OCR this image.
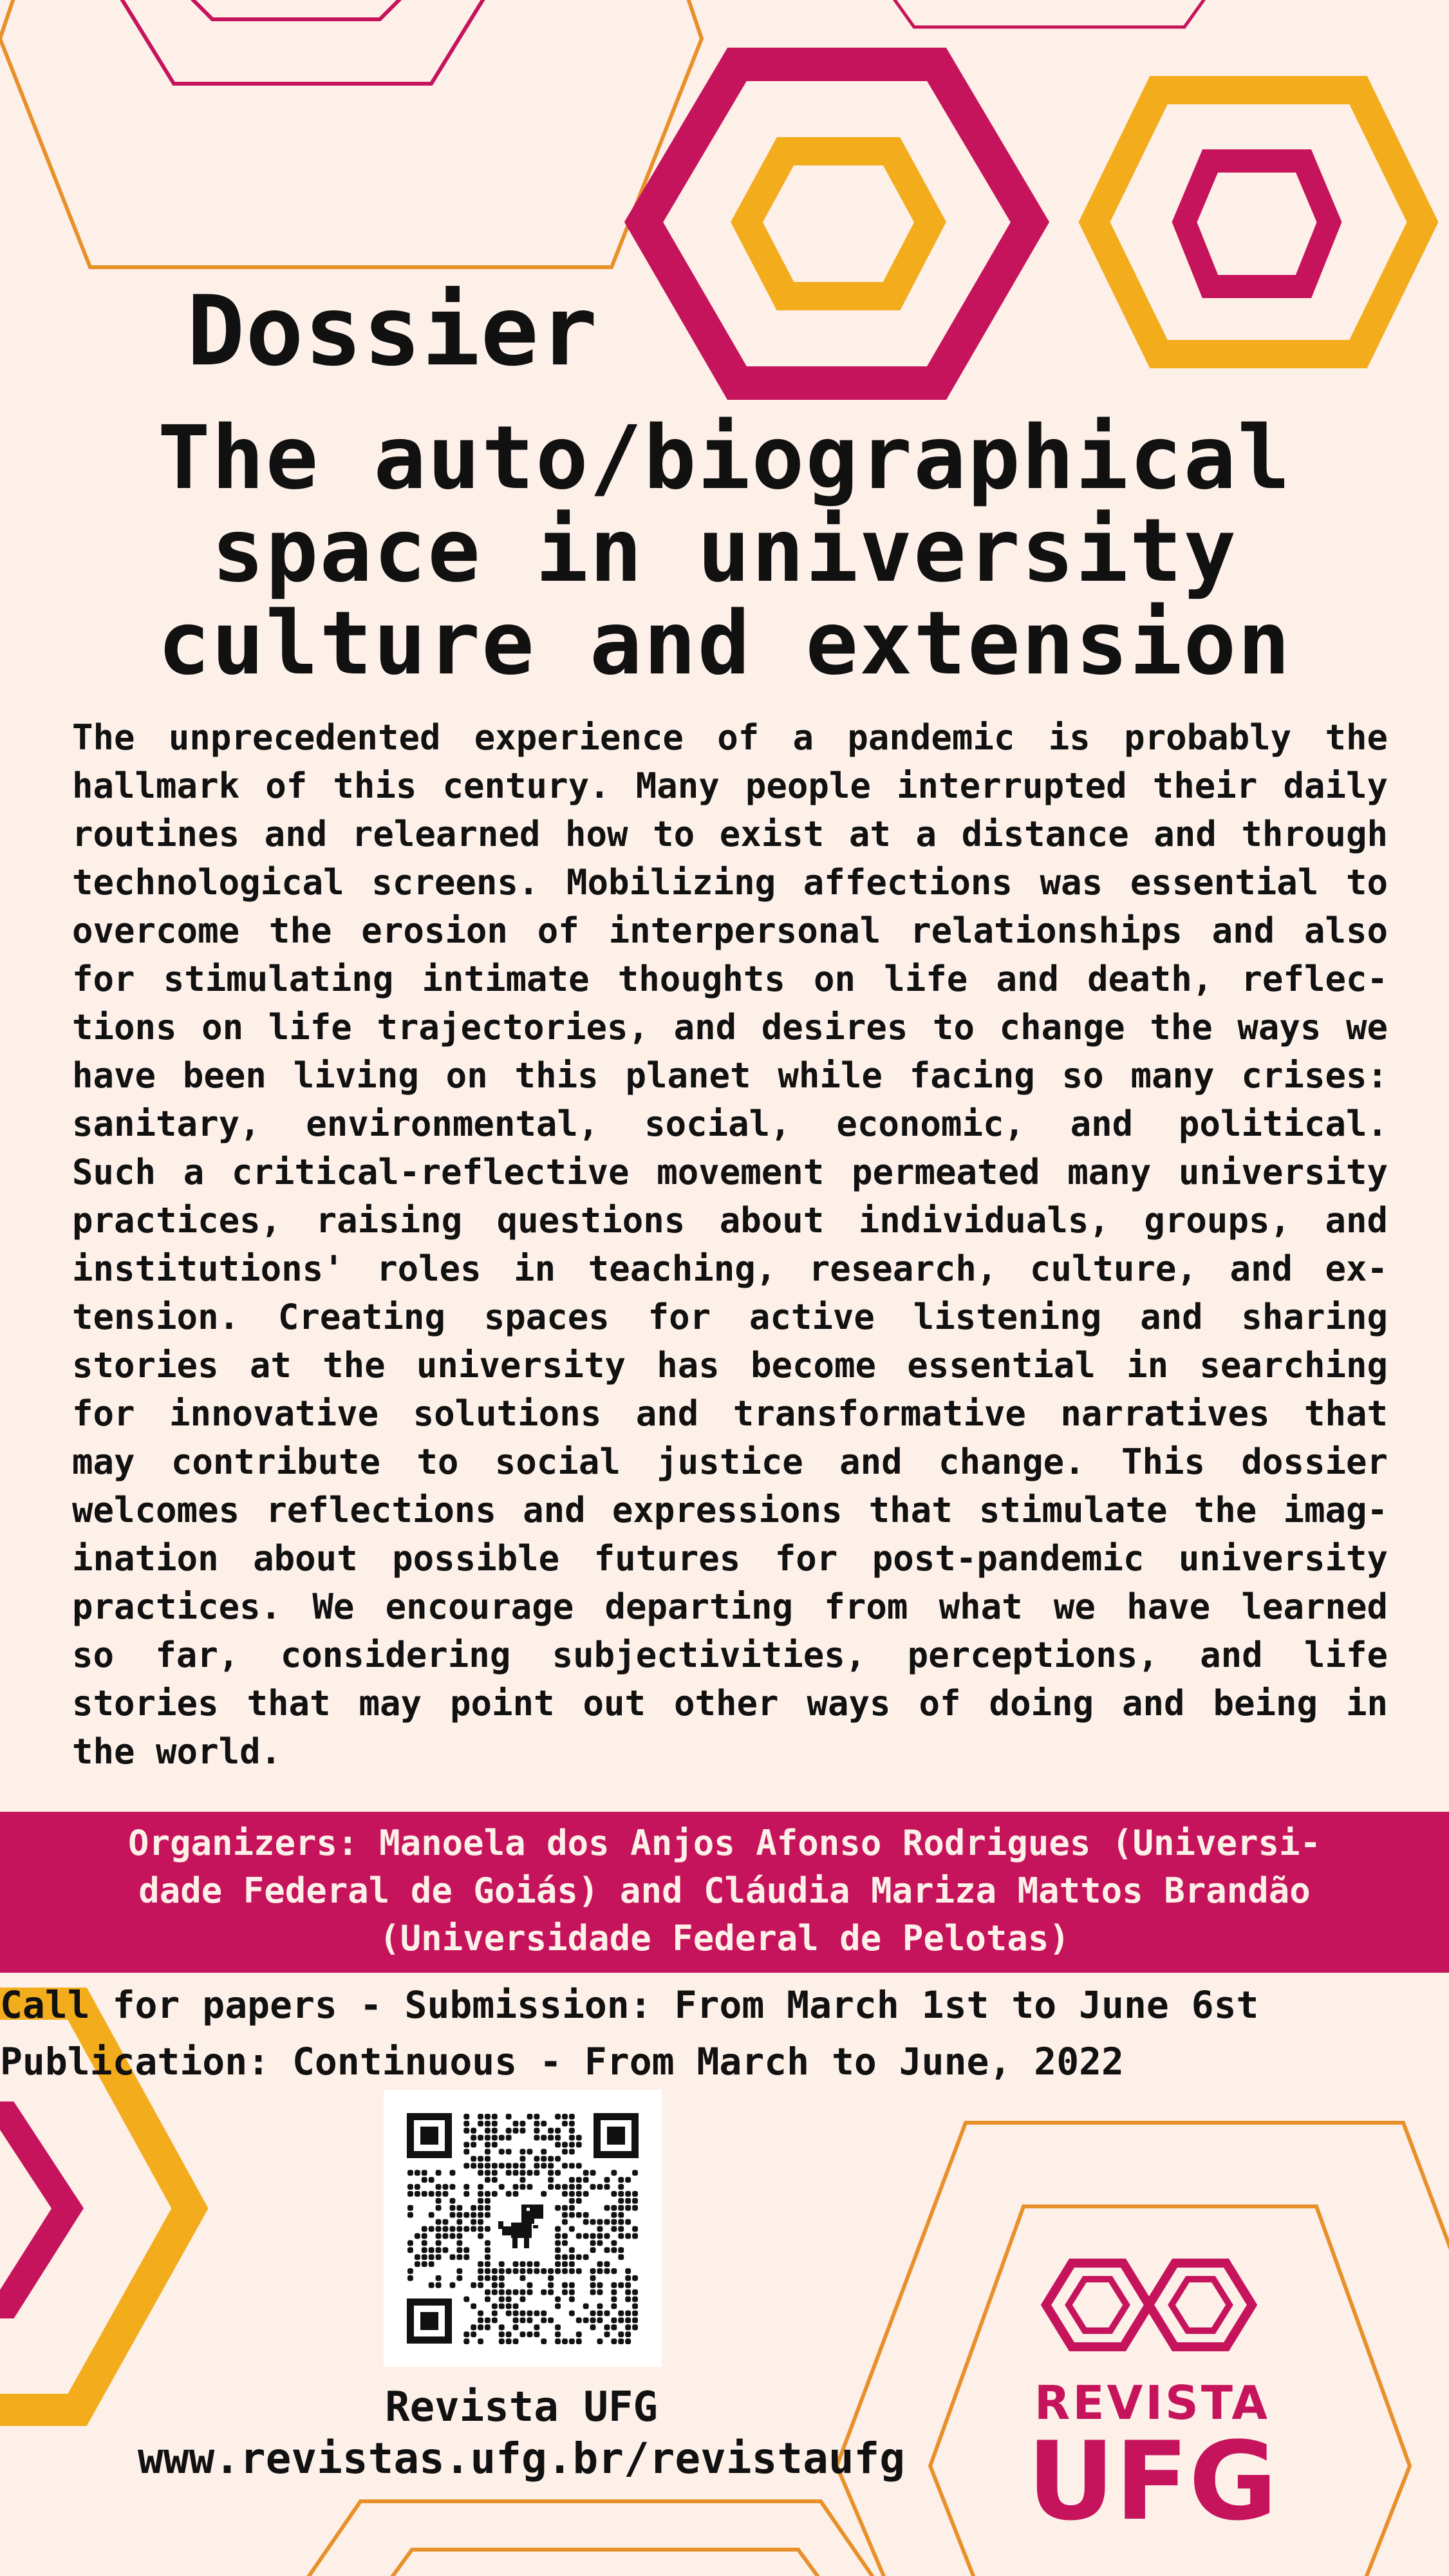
Dossier
The auto/biographical
space in university
culture and extension
The unprecedented experience of a pandemic is probably the
hallmark of this century. Many people interrupted their daily
routines and relearned how to exist at a distance and through
technological screens. Mobilizing affections was essential to
overcome the erosion of interpersonal relationships and also
for stimulating intimate thoughts on life and death, reflec-
tions on life trajectories, and desires to change the ways we
have been living on this planet while facing so many crises:
sanitary, environmental, social, economic, and political.
Such a critical-reflective movement permeated many university
practices, raising questions about individuals, groups, and
institutions' roles in teaching, research, culture, and ex-
tension. Creating spaces for active listening and sharing
stories at the university has become essential in searching
for innovative solutions and transformative narratives that
may contribute to social justice and change. This dossier
welcomes reflections and expressions that stimulate the imag-
ination about possible futures for post-pandemic university
practices. We encourage departing from what we have learned
so far, considering subjectivities, perceptions, and life
stories that may point out other ways of doing and being in
the world.
Organizers: Manoela dos Anjos Afonso Rodrigues (Universi-
dade Federal de Goiás) and Cláudia Mariza Mattos Brandão
(Universidade Federal de Pelotas)
Call for papers - Submission: From March 1st to June 6st
Publication: Continuous - From March to June, 2022
Revista UFG
www.revistas.ufg.br/revistaufg
REVISTA
UFG
